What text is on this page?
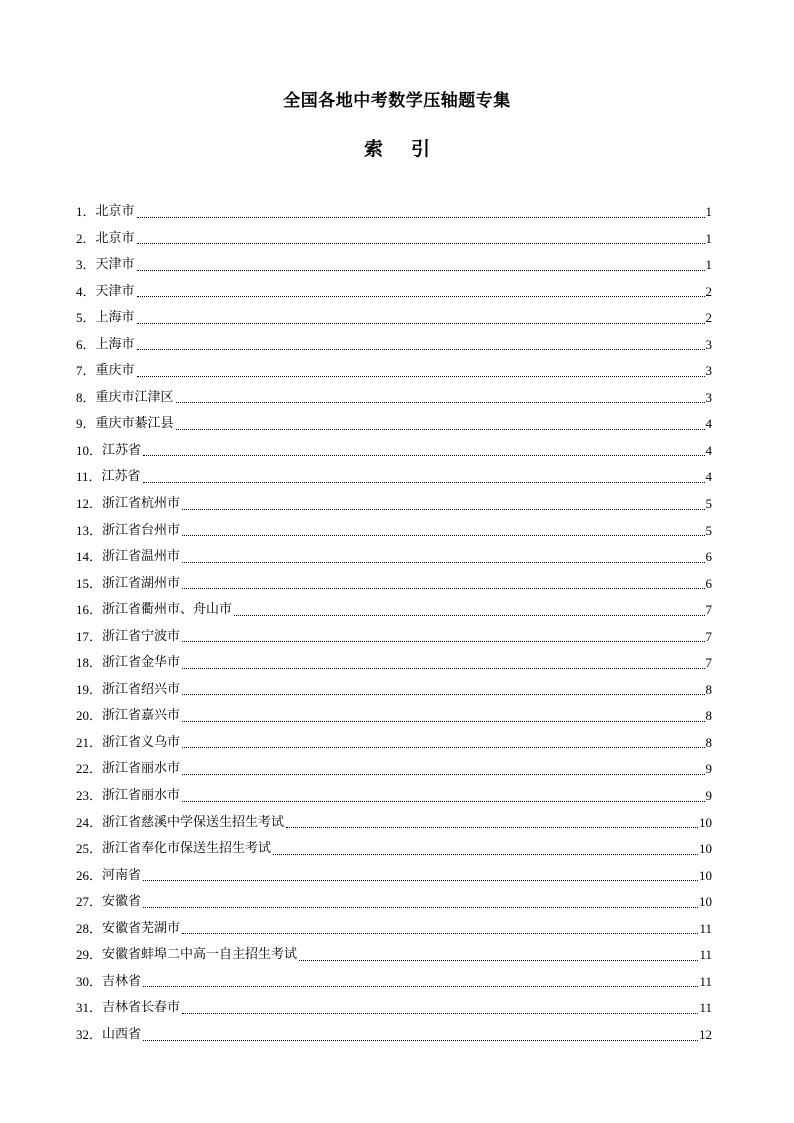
全国各地中考数学压轴题专集
索引
1． 北京市	1
2． 北京市	1
3． 天津市	1
4． 天津市	2
5． 上海市	2
6． 上海市	3
7． 重庆市	3
8． 重庆市江津区	3
9． 重庆市綦江县	4
10． 江苏省	4
11． 江苏省	4
12． 浙江省杭州市	5
13． 浙江省台州市	5
14． 浙江省温州市	6
15． 浙江省湖州市	6
16． 浙江省衢州市、舟山市	7
17． 浙江省宁波市	7
18． 浙江省金华市	7
19． 浙江省绍兴市	8
20． 浙江省嘉兴市	8
21． 浙江省义乌市	8
22． 浙江省丽水市	9
23． 浙江省丽水市	9
24． 浙江省慈溪中学保送生招生考试	10
25． 浙江省奉化市保送生招生考试	10
26． 河南省	10
27． 安徽省	10
28． 安徽省芜湖市	11
29． 安徽省蚌埠二中高一自主招生考试	11
30． 吉林省	11
31． 吉林省长春市	11
32． 山西省	12
